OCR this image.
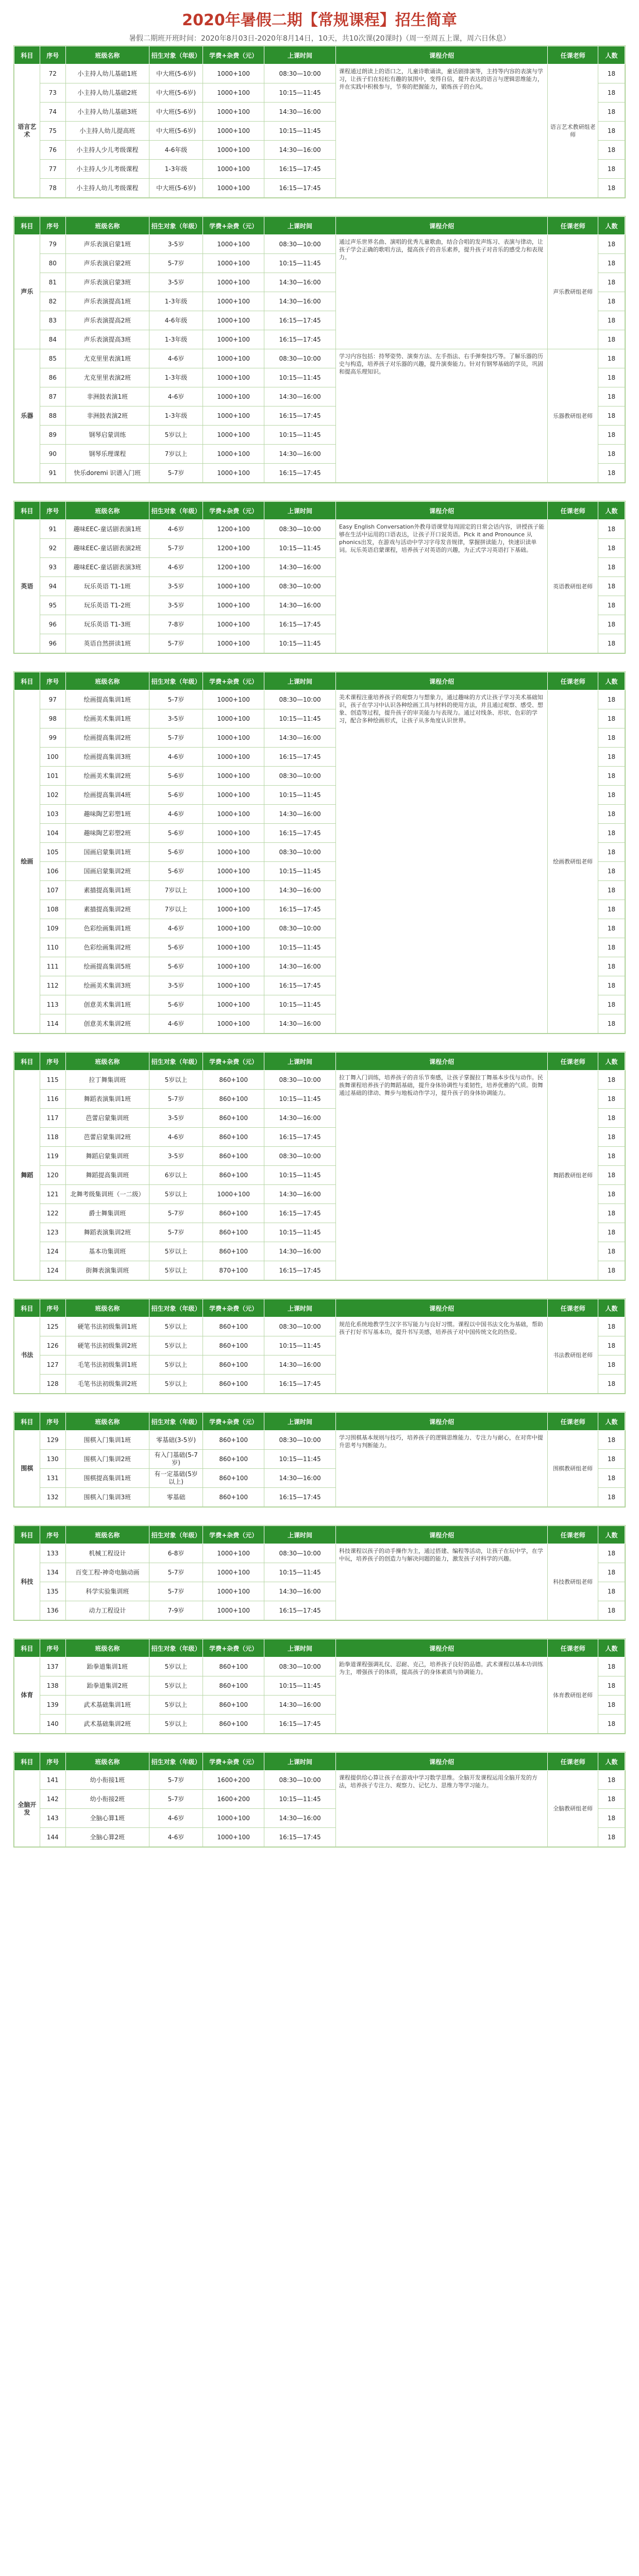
2020年暑假二期【常规课程】招生简章
暑假二期班开班时间：2020年8月03日-2020年8月14日，10天，共10次课(20课时)（周一至周五上课，周六日休息）
科目	序号	班级名称	招生对象（年级）	学费+杂费（元）	上课时间	课程介绍	任课老师	人数
语言艺术	72	小主持人幼儿基础1班	中大班(5-6岁)	1000+100	08:30—10:00	课程通过朗读上的语口之，儿童诗歌诵读，童话剧排演等，主持等内容的表演与学习，让孩子们在轻松有趣的氛围中，变得自信，提升表达的语言与逻辑思维能力，并在实践中积极参与，节奏的把握能力，锻炼孩子的台风。	语言艺术教研组老师	18
	73	小主持人幼儿基础2班	中大班(5-6岁)	1000+100	10:15—11:45			18
	74	小主持人幼儿基础3班	中大班(5-6岁)	1000+100	14:30—16:00			18
	75	小主持人幼儿提高班	中大班(5-6岁)	1000+100	10:15—11:45			18
	76	小主持人少儿考级课程	4-6年级	1000+100	14:30—16:00			18
	77	小主持人少儿考级课程	1-3年级	1000+100	16:15—17:45			18
	78	小主持人幼儿考级课程	中大班(5-6岁)	1000+100	16:15—17:45			18
科目	序号	班级名称	招生对象（年级）	学费+杂费（元）	上课时间	课程介绍	任课老师	人数
声乐	79	声乐表演启蒙1班	3-5岁	1000+100	08:30—10:00	通过声乐世界名曲、演唱的优秀儿童歌曲，结合合唱的发声练习、表演与律动，让孩子学会正确的歌唱方法，提高孩子的音乐素养，提升孩子对音乐的感受力和表现力。	声乐教研组老师	18
	80	声乐表演启蒙2班	5-7岁	1000+100	10:15—11:45			18
	81	声乐表演启蒙3班	3-5岁	1000+100	14:30—16:00			18
	82	声乐表演提高1班	1-3年级	1000+100	14:30—16:00			18
	83	声乐表演提高2班	4-6年级	1000+100	16:15—17:45			18
	84	声乐表演提高3班	1-3年级	1000+100	16:15—17:45			18
乐器	85	尤克里里表演1班	4-6岁	1000+100	08:30—10:00	学习内容包括：持琴姿势、演奏方法、左手指法、右手弹奏技巧等。了解乐器的历史与构造，培养孩子对乐器的兴趣，提升演奏能力。针对有钢琴基础的学员，巩固和提高乐理知识。	乐器教研组老师	18
	86	尤克里里表演2班	1-3年级	1000+100	10:15—11:45			18
	87	非洲鼓表演1班	4-6岁	1000+100	14:30—16:00			18
	88	非洲鼓表演2班	1-3年级	1000+100	16:15—17:45			18
	89	钢琴启蒙训练	5岁以上	1000+100	10:15—11:45			18
	90	钢琴乐理课程	7岁以上	1000+100	14:30—16:00			18
	91	快乐doremi 识谱入门班	5-7岁	1000+100	16:15—17:45			18
科目	序号	班级名称	招生对象（年级）	学费+杂费（元）	上课时间	课程介绍	任课老师	人数
英语	91	趣味EEC-童话剧表演1班	4-6岁	1200+100	08:30—10:00	Easy English Conversation外教母语课堂每周固定的日常会话内容，讲授孩子能够在生活中运用的口语表达，让孩子开口说英语。Pick it and Pronounce 从phonics出发，在游戏与活动中学习字母发音规律，掌握拼读能力，快速识读单词。玩乐英语启蒙课程，培养孩子对英语的兴趣，为正式学习英语打下基础。	英语教研组老师	18
	92	趣味EEC-童话剧表演2班	5-7岁	1200+100	10:15—11:45			18
	93	趣味EEC-童话剧表演3班	4-6岁	1200+100	14:30—16:00			18
	94	玩乐英语 T1-1班	3-5岁	1000+100	08:30—10:00			18
	95	玩乐英语 T1-2班	3-5岁	1000+100	14:30—16:00			18
	96	玩乐英语 T1-3班	7-8岁	1000+100	16:15—17:45			18
	96	英语自然拼读1班	5-7岁	1000+100	10:15—11:45			18
科目	序号	班级名称	招生对象（年级）	学费+杂费（元）	上课时间	课程介绍	任课老师	人数
绘画	97	绘画提高集训1班	5-7岁	1000+100	08:30—10:00	美术课程注重培养孩子的观察力与想象力，通过趣味的方式让孩子学习美术基础知识，孩子在学习中认识各种绘画工具与材料的使用方法，并且通过观察、感受、想象、创造等过程，提升孩子的审美能力与表现力。通过对线条、形状、色彩的学习，配合多种绘画形式，让孩子从多角度认识世界。	绘画教研组老师	18
	98	绘画美术集训1班	3-5岁	1000+100	10:15—11:45			18
	99	绘画提高集训2班	5-7岁	1000+100	14:30—16:00			18
	100	绘画提高集训3班	4-6岁	1000+100	16:15—17:45			18
	101	绘画美术集训2班	5-6岁	1000+100	08:30—10:00			18
	102	绘画提高集训4班	5-6岁	1000+100	10:15—11:45			18
	103	趣味陶艺彩塑1班	4-6岁	1000+100	14:30—16:00			18
	104	趣味陶艺彩塑2班	5-6岁	1000+100	16:15—17:45			18
	105	国画启蒙集训1班	5-6岁	1000+100	08:30—10:00			18
	106	国画启蒙集训2班	5-6岁	1000+100	10:15—11:45			18
	107	素描提高集训1班	7岁以上	1000+100	14:30—16:00			18
	108	素描提高集训2班	7岁以上	1000+100	16:15—17:45			18
	109	色彩绘画集训1班	4-6岁	1000+100	08:30—10:00			18
	110	色彩绘画集训2班	5-6岁	1000+100	10:15—11:45			18
	111	绘画提高集训5班	5-6岁	1000+100	14:30—16:00			18
	112	绘画美术集训3班	3-5岁	1000+100	16:15—17:45			18
	113	创意美术集训1班	5-6岁	1000+100	10:15—11:45			18
	114	创意美术集训2班	4-6岁	1000+100	14:30—16:00			18
科目	序号	班级名称	招生对象（年级）	学费+杂费（元）	上课时间	课程介绍	任课老师	人数
舞蹈	115	拉丁舞集训班	5岁以上	860+100	08:30—10:00	拉丁舞入门训练，培养孩子的音乐节奏感，让孩子掌握拉丁舞基本步伐与动作。民族舞课程培养孩子的舞蹈基础，提升身体协调性与柔韧性，培养优雅的气质。街舞通过基础的律动、舞步与地板动作学习，提升孩子的身体协调能力。	舞蹈教研组老师	18
	116	舞蹈表演集训1班	5-7岁	860+100	10:15—11:45			18
	117	芭蕾启蒙集训班	3-5岁	860+100	14:30—16:00			18
	118	芭蕾启蒙集训2班	4-6岁	860+100	16:15—17:45			18
	119	舞蹈启蒙集训班	3-5岁	860+100	08:30—10:00			18
	120	舞蹈提高集训班	6岁以上	860+100	10:15—11:45			18
	121	北舞考级集训班（一二级）	5岁以上	1000+100	14:30—16:00			18
	122	爵士舞集训班	5-7岁	860+100	16:15—17:45			18
	123	舞蹈表演集训2班	5-7岁	860+100	10:15—11:45			18
	124	基本功集训班	5岁以上	860+100	14:30—16:00			18
	124	街舞表演集训班	5岁以上	870+100	16:15—17:45			18
科目	序号	班级名称	招生对象（年级）	学费+杂费（元）	上课时间	课程介绍	任课老师	人数
书法	125	硬笔书法初级集训1班	5岁以上	860+100	08:30—10:00	规范化系统地教学生汉字书写能力与良好习惯。课程以中国书法文化为基础，帮助孩子打好书写基本功，提升书写美感，培养孩子对中国传统文化的热爱。	书法教研组老师	18
	126	硬笔书法初级集训2班	5岁以上	860+100	10:15—11:45			18
	127	毛笔书法初级集训1班	5岁以上	860+100	14:30—16:00			18
	128	毛笔书法初级集训2班	5岁以上	860+100	16:15—17:45			18
科目	序号	班级名称	招生对象（年级）	学费+杂费（元）	上课时间	课程介绍	任课老师	人数
围棋	129	围棋入门集训1班	零基础(3-5岁)	860+100	08:30—10:00	学习围棋基本规则与技巧，培养孩子的逻辑思维能力、专注力与耐心，在对弈中提升思考与判断能力。	围棋教研组老师	18
	130	围棋入门集训2班	有入门基础(5-7岁)	860+100	10:15—11:45			18
	131	围棋提高集训1班	有一定基础(5岁以上)	860+100	14:30—16:00			18
	132	围棋入门集训3班	零基础	860+100	16:15—17:45			18
科目	序号	班级名称	招生对象（年级）	学费+杂费（元）	上课时间	课程介绍	任课老师	人数
科技	133	机械工程设计	6-8岁	1000+100	08:30—10:00	科技课程以孩子的动手操作为主，通过搭建、编程等活动，让孩子在玩中学，在学中玩，培养孩子的创造力与解决问题的能力，激发孩子对科学的兴趣。	科技教研组老师	18
	134	百变工程-神奇电脑动画	5-7岁	1000+100	10:15—11:45			18
	135	科学实验集训班	5-7岁	1000+100	14:30—16:00			18
	136	动力工程设计	7-9岁	1000+100	16:15—17:45			18
科目	序号	班级名称	招生对象（年级）	学费+杂费（元）	上课时间	课程介绍	任课老师	人数
体育	137	跆拳道集训1班	5岁以上	860+100	08:30—10:00	跆拳道课程强调礼仪、忍耐、克己，培养孩子良好的品德。武术课程以基本功训练为主，增强孩子的体质，提高孩子的身体素质与协调能力。	体育教研组老师	18
	138	跆拳道集训2班	5岁以上	860+100	10:15—11:45			18
	139	武术基础集训1班	5岁以上	860+100	14:30—16:00			18
	140	武术基础集训2班	5岁以上	860+100	16:15—17:45			18
科目	序号	班级名称	招生对象（年级）	学费+杂费（元）	上课时间	课程介绍	任课老师	人数
全脑开发	141	幼小衔接1班	5-7岁	1600+200	08:30—10:00	课程提供给心算让孩子在游戏中学习数学思维。全脑开发课程运用全脑开发的方法，培养孩子专注力、观察力、记忆力、思维力等学习能力。	全脑教研组老师	18
	142	幼小衔接2班	5-7岁	1600+200	10:15—11:45			18
	143	全脑心算1班	4-6岁	1000+100	14:30—16:00			18
	144	全脑心算2班	4-6岁	1000+100	16:15—17:45			18
